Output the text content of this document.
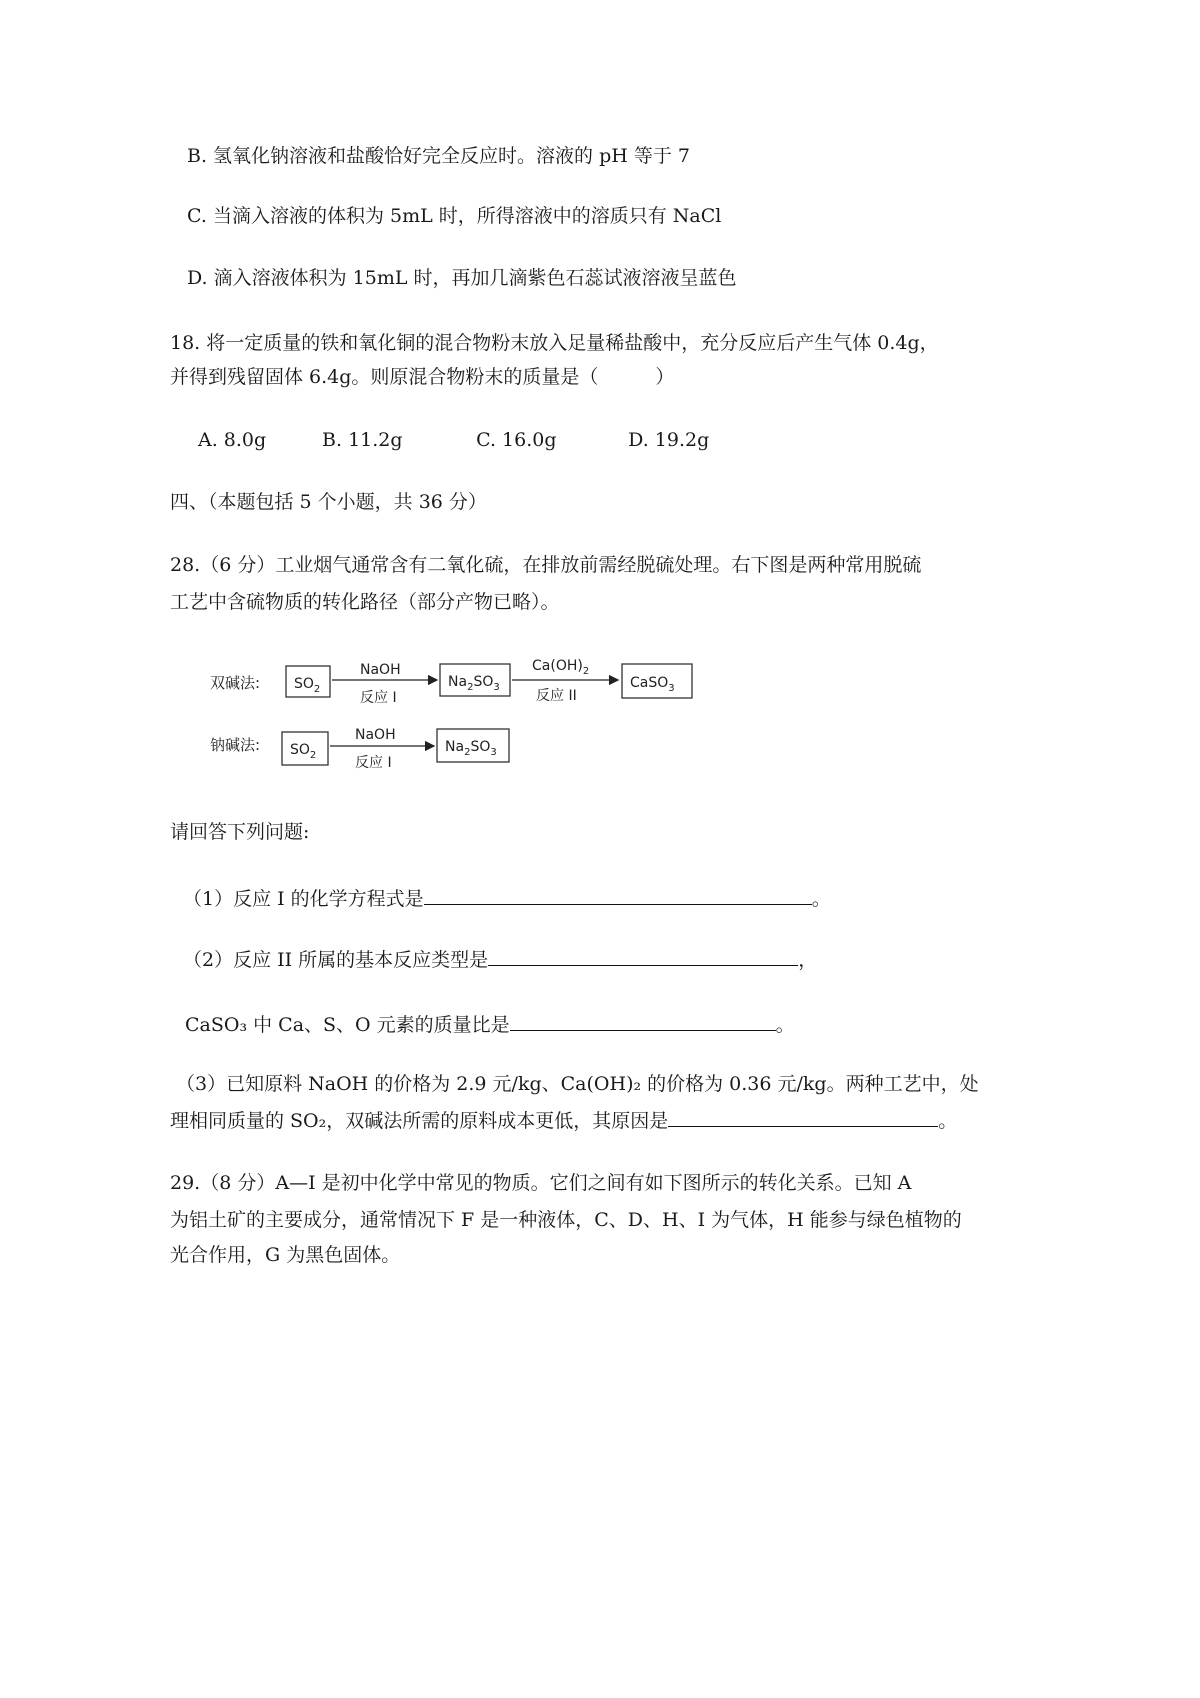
B. 氢氧化钠溶液和盐酸恰好完全反应时。溶液的 pH 等于 7
C. 当滴入溶液的体积为 5mL 时，所得溶液中的溶质只有 NaCl
D. 滴入溶液体积为 15mL 时，再加几滴紫色石蕊试液溶液呈蓝色
18. 将一定质量的铁和氧化铜的混合物粉末放入足量稀盐酸中，充分反应后产生气体 0.4g，
并得到残留固体 6.4g。则原混合物粉末的质量是（　　　）
A. 8.0g	B. 11.2g	C. 16.0g	D. 19.2g
四、（本题包括 5 个小题，共 36 分）
28.（6 分）工业烟气通常含有二氧化硫，在排放前需经脱硫处理。右下图是两种常用脱硫
工艺中含硫物质的转化路径（部分产物已略）。
双碱法: $SO_2$
NaOH
反应 I
$Na_2SO_3$
$Ca(OH)_2$
反应 II
钠碱法: $SO_2$
NaOH
反应 I
$Na_2SO_3$
CaSO$_3$
请回答下列问题:
（1）反应 I 的化学方程式是	。
（2）反应 II 所属的基本反应类型是	，
CaSO₃ 中 Ca、S、O 元素的质量比是	。
（3）已知原料 NaOH 的价格为 2.9 元/kg、Ca(OH)₂ 的价格为 0.36 元/kg。两种工艺中，处
理相同质量的 SO₂，双碱法所需的原料成本更低，其原因是	。
29.（8 分）A—I 是初中化学中常见的物质。它们之间有如下图所示的转化关系。已知 A
为铝土矿的主要成分，通常情况下 F 是一种液体，C、D、H、I 为气体，H 能参与绿色植物的
光合作用，G 为黑色固体。
